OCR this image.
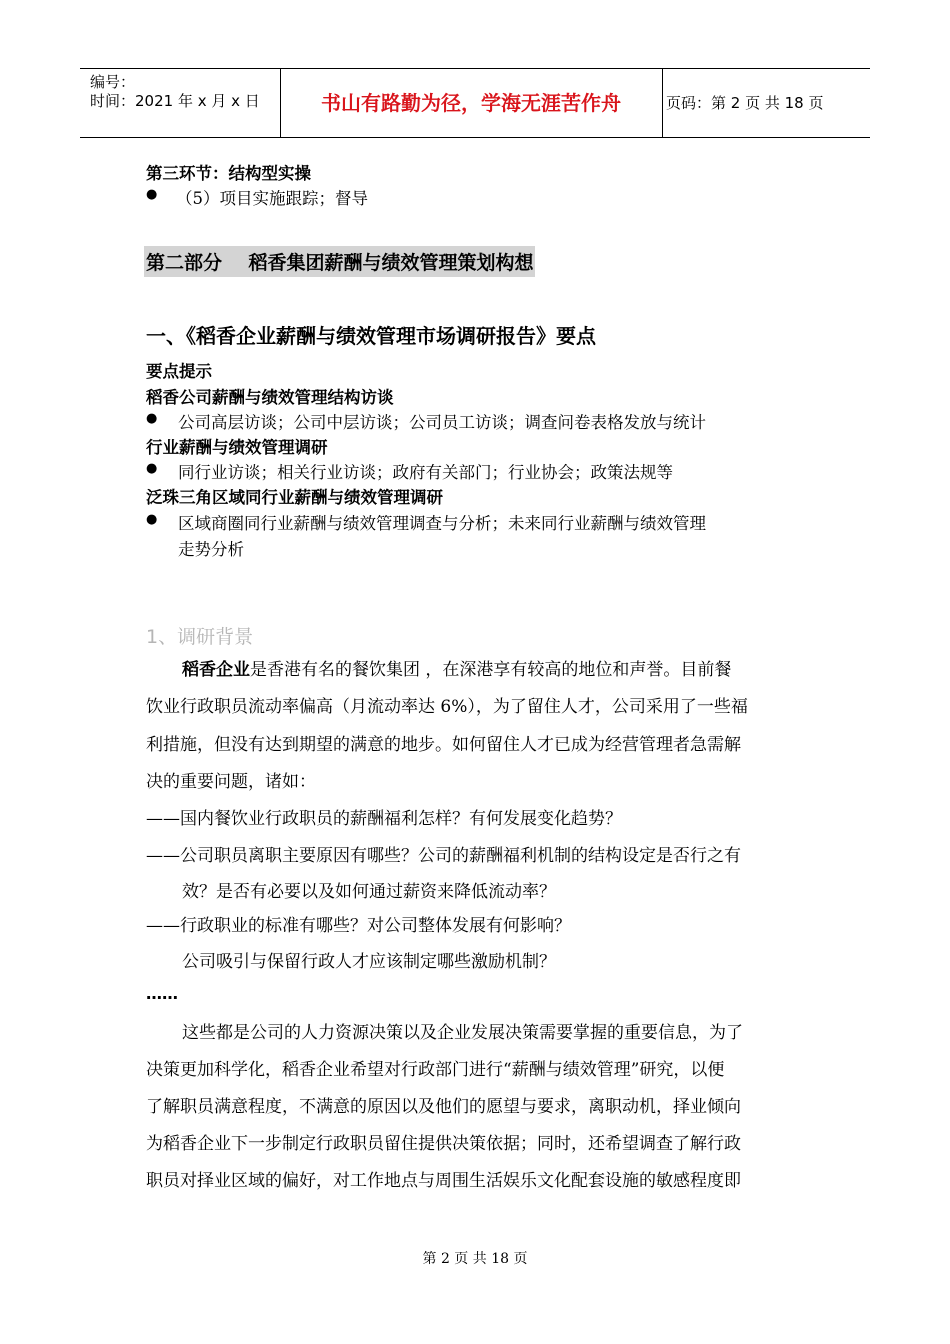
编号：
时间：2021 年 x 月 x 日	书山有路勤为径，学海无涯苦作舟	页码：第 2 页 共 18 页
第三环节：结构型实操
● （5）项目实施跟踪；督导
第二部分    稻香集团薪酬与绩效管理策划构想
一、《稻香企业薪酬与绩效管理市场调研报告》要点
要点提示
稻香公司薪酬与绩效管理结构访谈
● 公司高层访谈；公司中层访谈；公司员工访谈；调查问卷表格发放与统计
行业薪酬与绩效管理调研
● 同行业访谈；相关行业访谈；政府有关部门；行业协会；政策法规等
泛珠三角区域同行业薪酬与绩效管理调研
● 区域商圈同行业薪酬与绩效管理调查与分析；未来同行业薪酬与绩效管理
走势分析
1、调研背景
稻香企业是香港有名的餐饮集团 ，在深港享有较高的地位和声誉。目前餐
饮业行政职员流动率偏高（月流动率达 6%），为了留住人才，公司采用了一些福
利措施，但没有达到期望的满意的地步。如何留住人才已成为经营管理者急需解
决的重要问题，诸如：
——国内餐饮业行政职员的薪酬福利怎样？有何发展变化趋势？
——公司职员离职主要原因有哪些？公司的薪酬福利机制的结构设定是否行之有
效？是否有必要以及如何通过薪资来降低流动率？
——行政职业的标准有哪些？对公司整体发展有何影响？
公司吸引与保留行政人才应该制定哪些激励机制？
……
这些都是公司的人力资源决策以及企业发展决策需要掌握的重要信息，为了
决策更加科学化，稻香企业希望对行政部门进行“薪酬与绩效管理”研究，以便
了解职员满意程度，不满意的原因以及他们的愿望与要求，离职动机，择业倾向
为稻香企业下一步制定行政职员留住提供决策依据；同时，还希望调查了解行政
职员对择业区域的偏好，对工作地点与周围生活娱乐文化配套设施的敏感程度即
第 2 页 共 18 页
